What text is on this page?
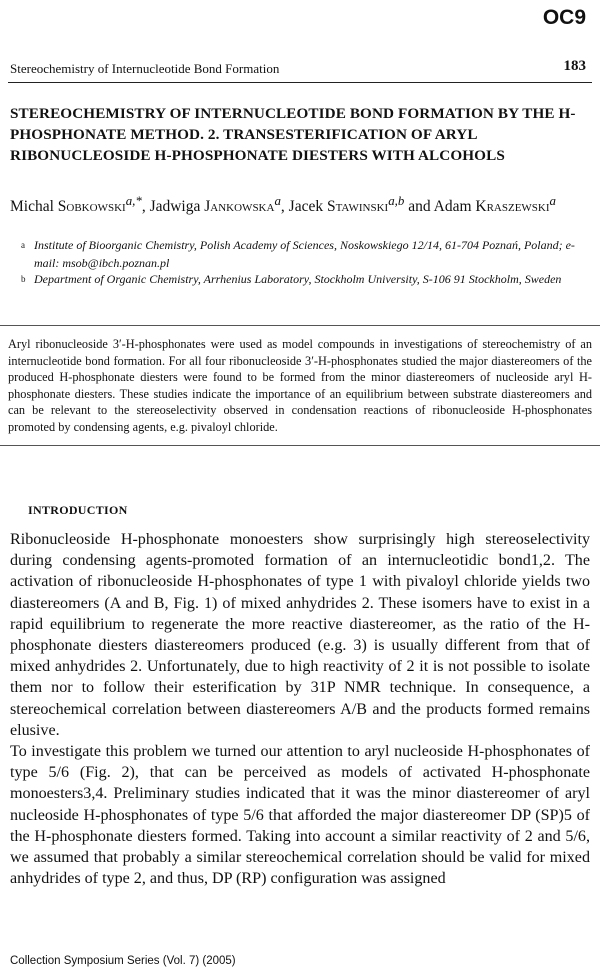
OC9
Stereochemistry of Internucleotide Bond Formation	183
STEREOCHEMISTRY OF INTERNUCLEOTIDE BOND FORMATION BY THE H-PHOSPHONATE METHOD. 2. TRANSESTERIFICATION OF ARYL RIBONUCLEOSIDE H-PHOSPHONATE DIESTERS WITH ALCOHOLS
Michal Sobkowski$^{a,*}$, Jadwiga Jankowska$^a$, Jacek Stawinski$^{a,b}$ and Adam Kraszewski$^a$
a Institute of Bioorganic Chemistry, Polish Academy of Sciences, Noskowskiego 12/14, 61-704 Poznań, Poland; e-mail: msob@ibch.poznan.pl
b Department of Organic Chemistry, Arrhenius Laboratory, Stockholm University, S-106 91 Stockholm, Sweden
Aryl ribonucleoside 3′-H-phosphonates were used as model compounds in investigations of stereochemistry of an internucleotide bond formation. For all four ribonucleoside 3′-H-phosphonates studied the major diastereomers of the produced H-phosphonate diesters were found to be formed from the minor diastereomers of nucleoside aryl H-phosphonate diesters. These studies indicate the importance of an equilibrium between substrate diastereomers and can be relevant to the stereoselectivity observed in condensation reactions of ribonucleoside H-phosphonates promoted by condensing agents, e.g. pivaloyl chloride.
INTRODUCTION

Ribonucleoside H-phosphonate monoesters show surprisingly high stereoselectivity during condensing agents-promoted formation of an internucleotidic bond1,2. The activation of ribonucleoside H-phosphonates of type 1 with pivaloyl chloride yields two diastereomers (A and B, Fig. 1) of mixed anhydrides 2. These isomers have to exist in a rapid equilibrium to regenerate the more reactive diastereomer, as the ratio of the H-phosphonate diesters diastereomers produced (e.g. 3) is usually different from that of mixed anhydrides 2. Unfortunately, due to high reactivity of 2 it is not possible to isolate them nor to follow their esterification by 31P NMR technique. In consequence, a stereochemical correlation between diastereomers A/B and the products formed remains elusive.

To investigate this problem we turned our attention to aryl nucleoside H-phosphonates of type 5/6 (Fig. 2), that can be perceived as models of activated H-phosphonate monoesters3,4. Preliminary studies indicated that it was the minor diastereomer of aryl nucleoside H-phosphonates of type 5/6 that afforded the major diastereomer DP (SP)5 of the H-phosphonate diesters formed. Taking into account a similar reactivity of 2 and 5/6, we assumed that probably a similar stereochemical correlation should be valid for mixed anhydrides of type 2, and thus, DP (RP) configuration was assigned

Collection Symposium Series (Vol. 7) (2005)
